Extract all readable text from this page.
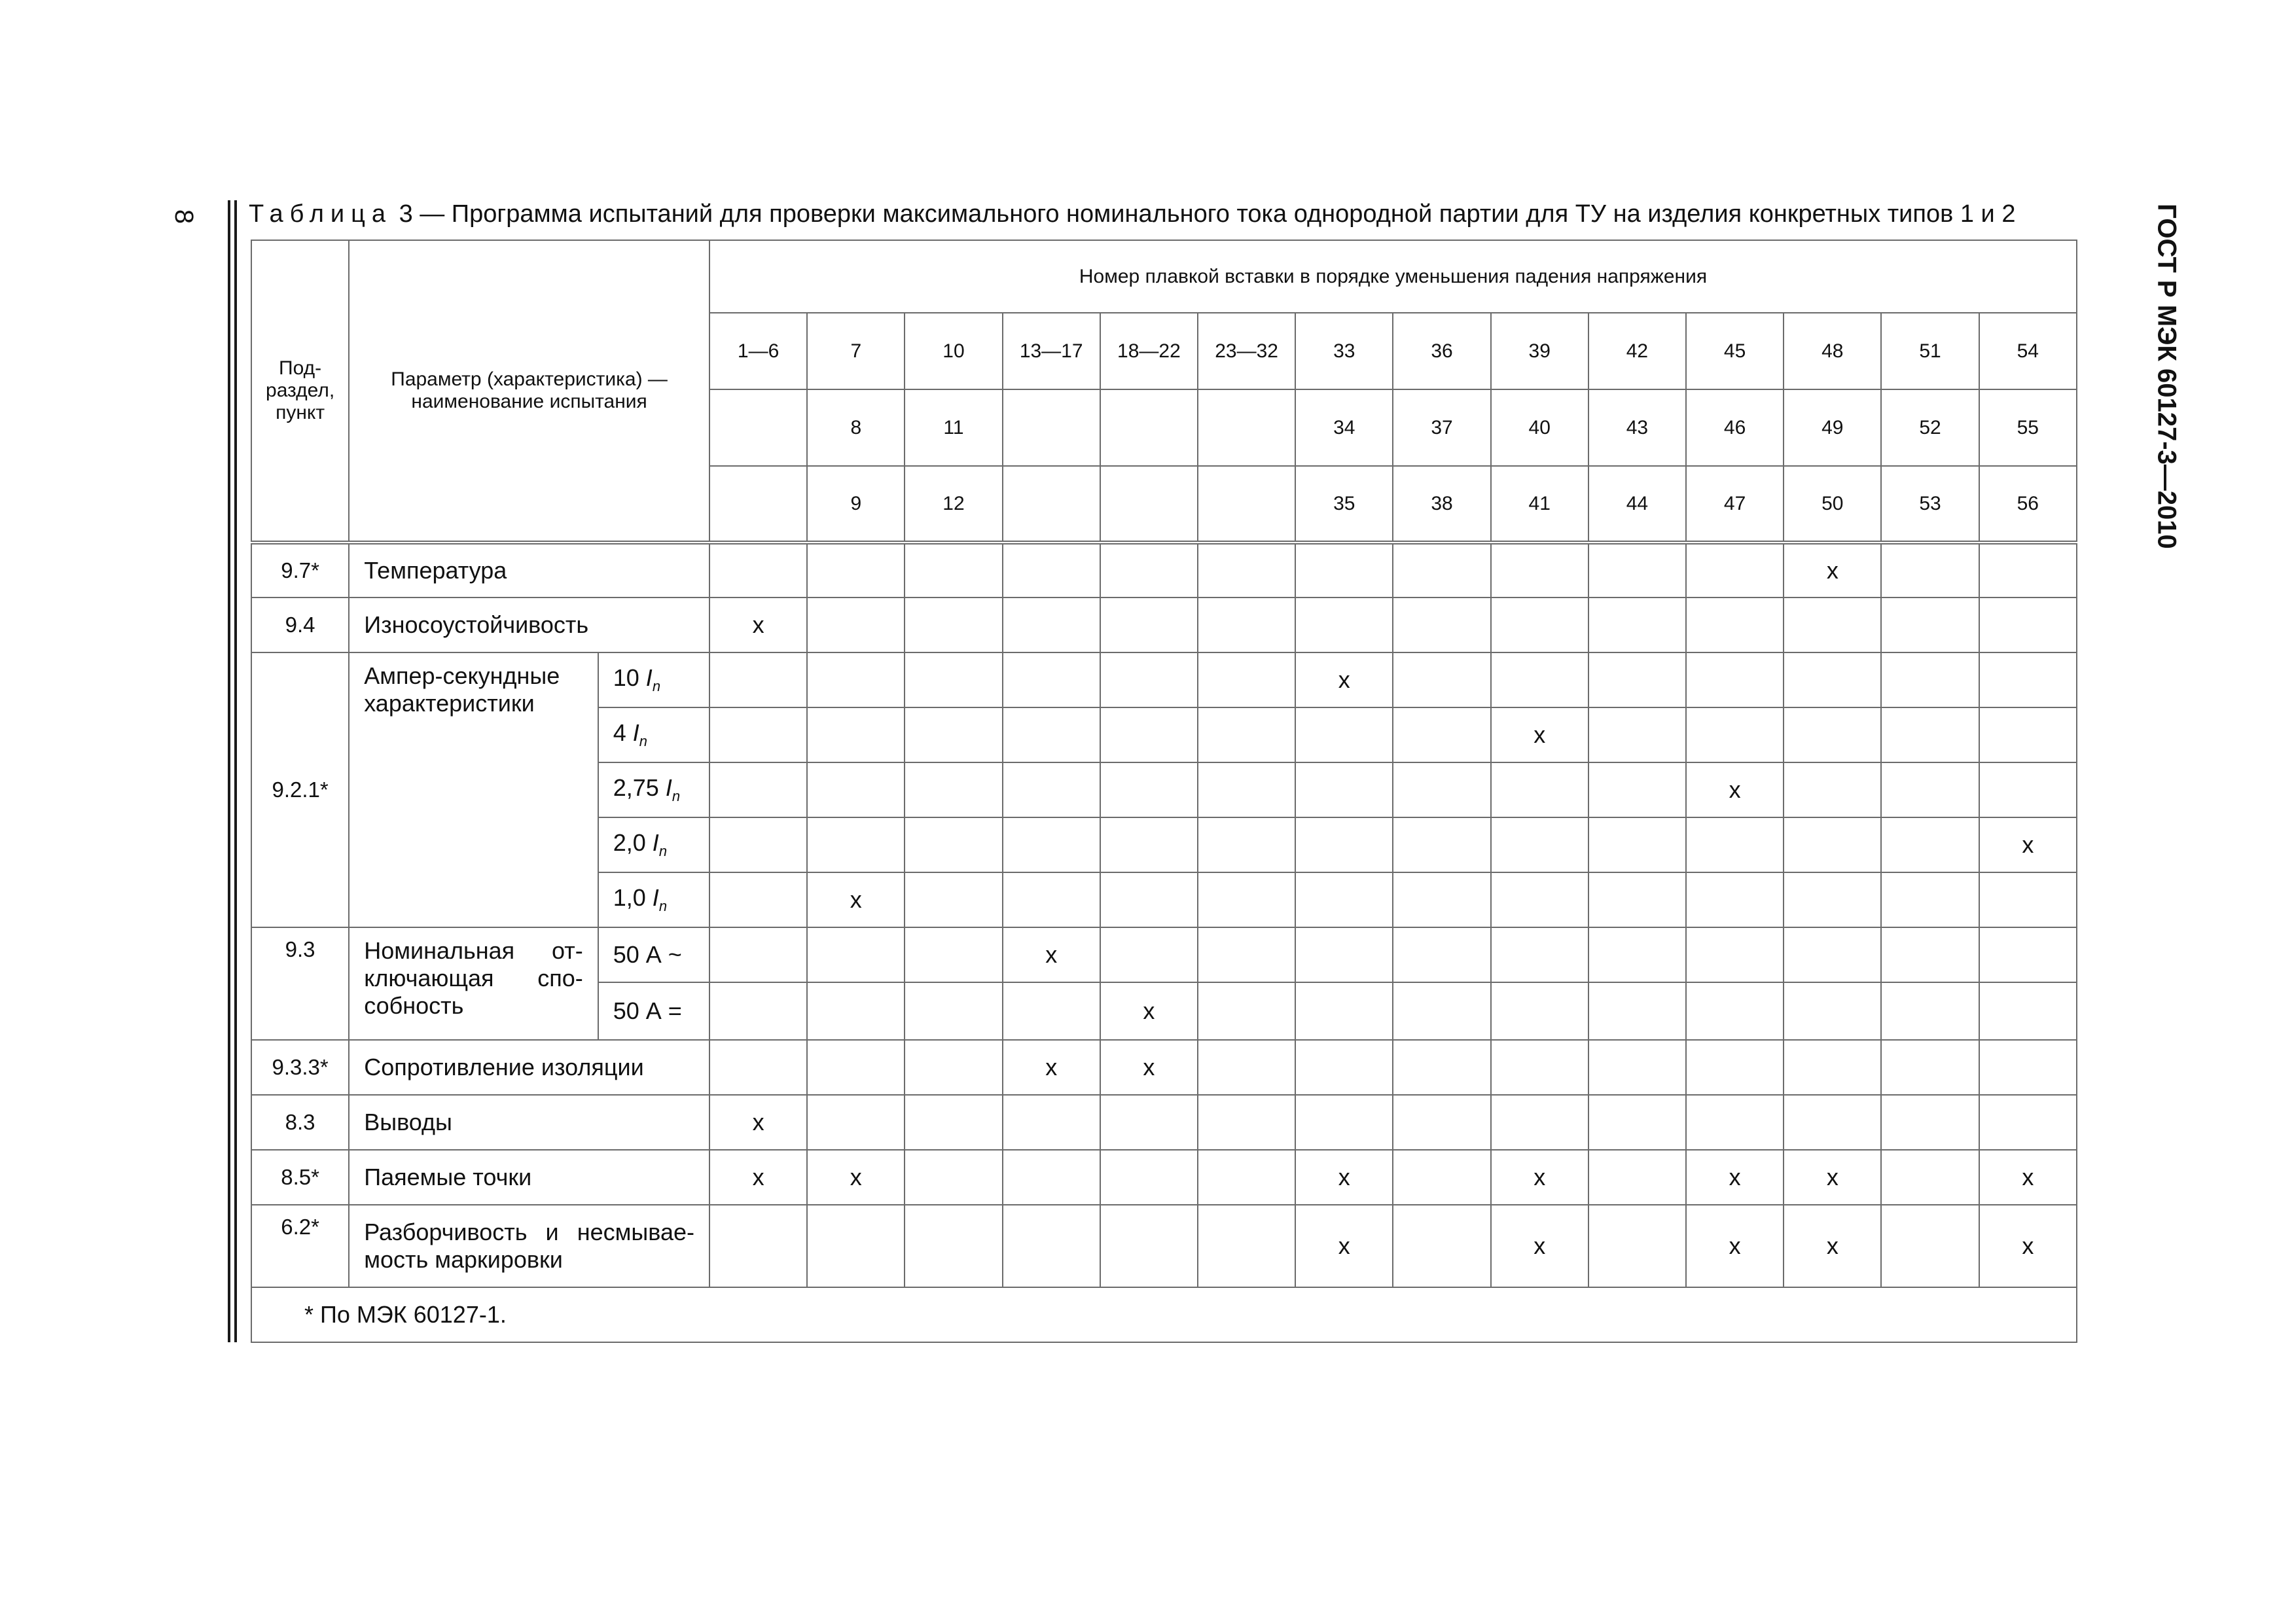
8	ГОСТ Р МЭК 60127-3—2010
Таблица 3 — Программа испытаний для проверки максимального номинального тока однородной партии для ТУ на изделия конкретных типов 1 и 2
Под-раздел, пункт	Параметр (характеристика) — наименование испытания		Номер плавкой вставки в порядке уменьшения падения напряжения													
			1—6	7	10	13—17	18—22	23—32	33	36	39	42	45	48	51	54
				8	11				34	37	40	43	46	49	52	55
				9	12				35	38	41	44	47	50	53	56
9.7*	Температура													x		
9.4	Износоустойчивость		x													
9.2.1*	Ампер-секундные характеристики	10 $I_n$							x							
		4 $I_n$									x					
		2,75 $I_n$											x			
		2,0 $I_n$														x
		1,0 $I_n$		x												
9.3	Номинальная от-ключающая спо-собность	50 А ~				x										
		50 А =					x									
9.3.3*	Сопротивление изоляции					x	x									
8.3	Выводы		x													
8.5*	Паяемые точки		x	x					x		x		x	x		x
6.2*	Разборчивость и несмывае-мость маркировки								x		x		x	x		x
* По МЭК 60127-1.																
